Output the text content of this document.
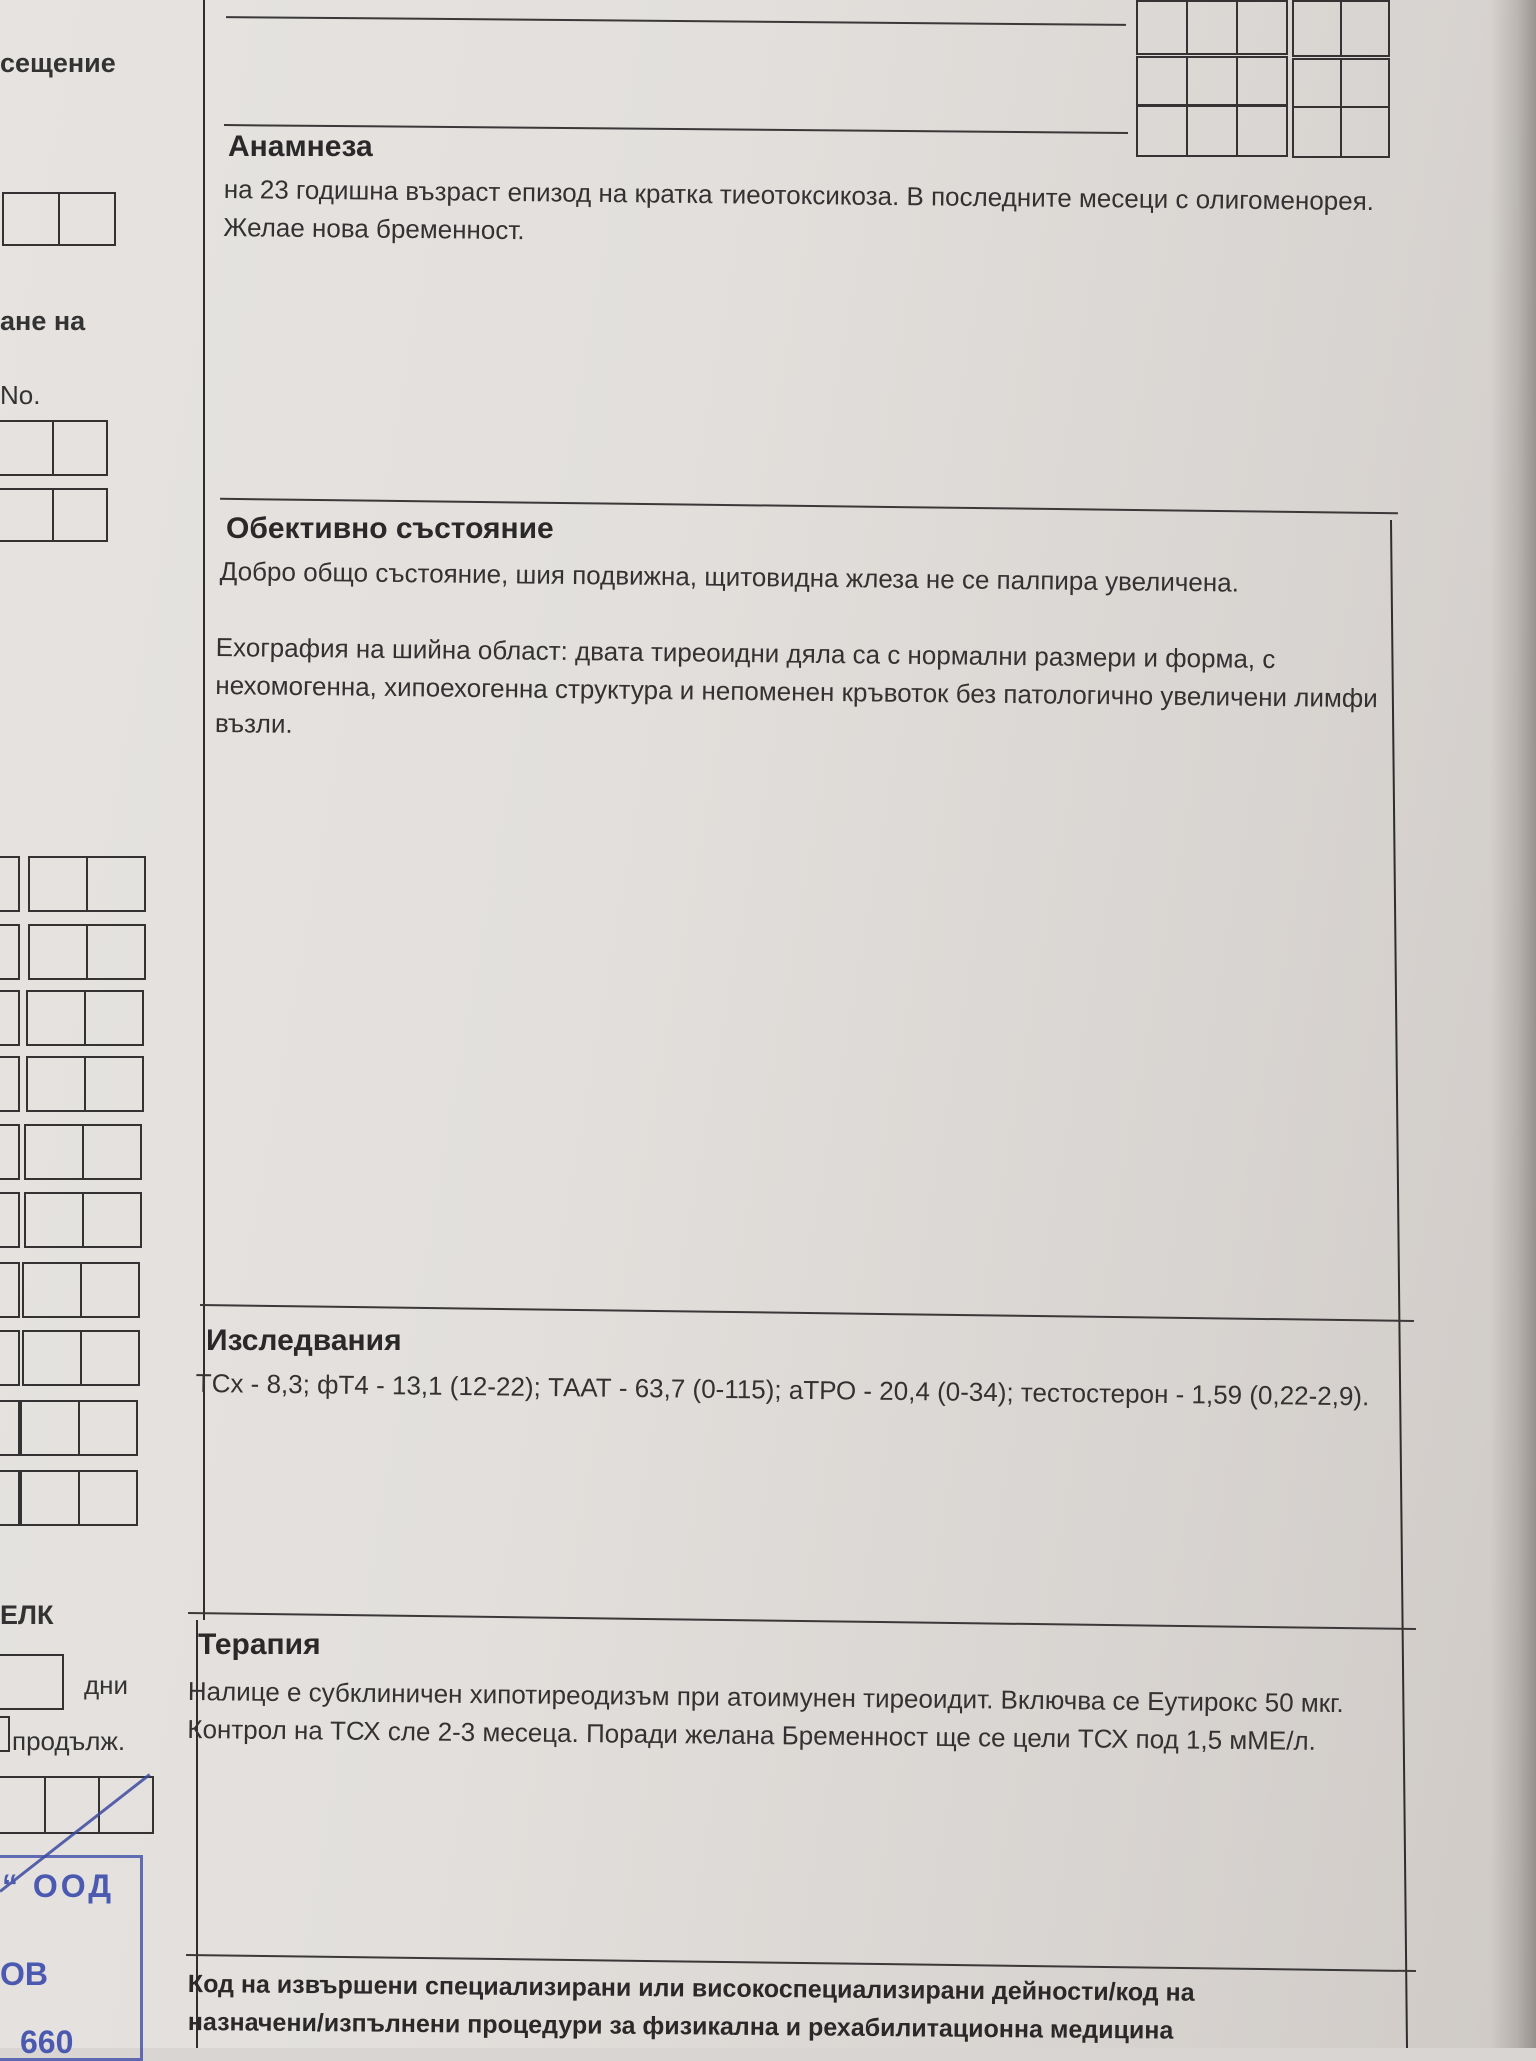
сещение
ане на
No.
ЕЛК
дни
продълж.
“ ООД
ОВ
660
Анамнеза
на 23 годишна възраст епизод на кратка тиеотоксикоза. В последните месеци с олигоменорея.
Желае нова бременност.
Обективно състояние
Добро общо състояние, шия подвижна, щитовидна жлеза не се палпира увеличена.
Ехография на шийна област: двата тиреоидни дяла са с нормални размери и форма, с
нехомогенна, хипоехогенна структура и непоменен кръвоток без патологично увеличени лимфи
възли.
Изследвания
ТСх - 8,3; фТ4 - 13,1 (12-22); ТААТ - 63,7 (0-115); аТРО - 20,4 (0-34); тестостерон - 1,59 (0,22-2,9).
Терапия
Налице е субклиничен хипотиреодизъм при атоимунен тиреоидит. Включва се Еутирокс 50 мкг.
Контрол на ТСХ сле 2-3 месеца. Поради желана Бременност ще се цели ТСХ под 1,5 мМЕ/л.
Код на извършени специализирани или високоспециализирани дейности/код на
назначени/изпълнени процедури за физикална и рехабилитационна медицина
